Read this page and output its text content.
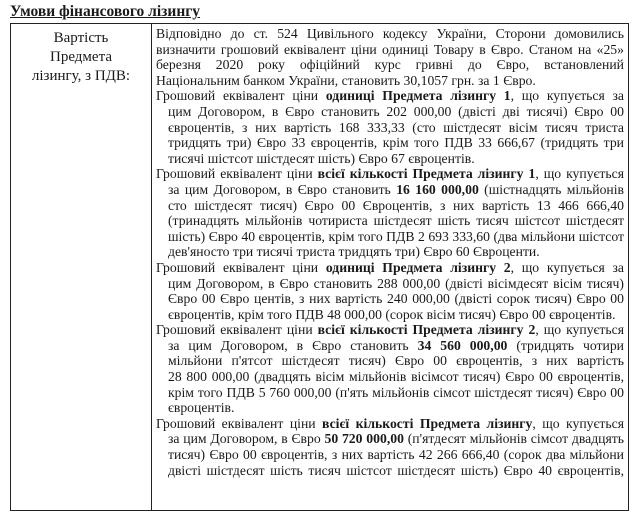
Умови фінансового лізингу
Вартість
Предмета
лізингу, з ПДВ:

Відповідно до ст. 524 Цивільного кодексу України, Сторони домовились
визначити грошовий еквівалент ціни одиниці Товару в Євро. Станом на «25»
березня 2020 року офіційний курс гривні до Євро, встановлений
Національним банком України, становить 30,1057 грн. за 1 Євро.

Грошовий еквівалент ціни одиниці Предмета лізингу 1, що купується за
цим Договором, в Євро становить 202 000,00 (двісті дві тисячі) Євро 00
євроцентів, з них вартість 168 333,33 (сто шістдесят вісім тисяч триста
тридцять три) Євро 33 євроцентів, крім того ПДВ 33 666,67 (тридцять три
тисячі шістсот шістдесят шість) Євро 67 євроцентів.

Грошовий еквівалент ціни всієї кількості Предмета лізингу 1, що купується
за цим Договором, в Євро становить 16 160 000,00 (шістнадцять мільйонів
сто шістдесят тисяч) Євро 00 Євроцентів, з них вартість 13 466 666,40
(тринадцять мільйонів чотириста шістдесят шість тисяч шістсот шістдесят
шість) Євро 40 євроцентів, крім того ПДВ 2 693 333,60 (два мільйони шістсот
дев'яносто три тисячі триста тридцять три) Євро 60 Євроценти.

Грошовий еквівалент ціни одиниці Предмета лізингу 2, що купується за
цим Договором, в Євро становить 288 000,00 (двісті вісімдесят вісім тисяч)
Євро 00 Євро центів, з них вартість 240 000,00 (двісті сорок тисяч) Євро 00
євроцентів, крім того ПДВ 48 000,00 (сорок вісім тисяч) Євро 00 євроцентів.

Грошовий еквівалент ціни всієї кількості Предмета лізингу 2, що купується
за цим Договором, в Євро становить 34 560 000,00 (тридцять чотири
мільйони п'ятсот шістдесят тисяч) Євро 00 євроцентів, з них вартість
28 800 000,00 (двадцять вісім мільйонів вісімсот тисяч) Євро 00 євроцентів,
крім того ПДВ 5 760 000,00 (п'ять мільйонів сімсот шістдесят тисяч) Євро 00
євроцентів.

Грошовий еквівалент ціни всієї кількості Предмета лізингу, що купується
за цим Договором, в Євро 50 720 000,00 (п'ятдесят мільйонів сімсот двадцять
тисяч) Євро 00 євроцентів, з них вартість 42 266 666,40 (сорок два мільйони
двісті шістдесят шість тисяч шістсот шістдесят шість) Євро 40 євроцентів,
